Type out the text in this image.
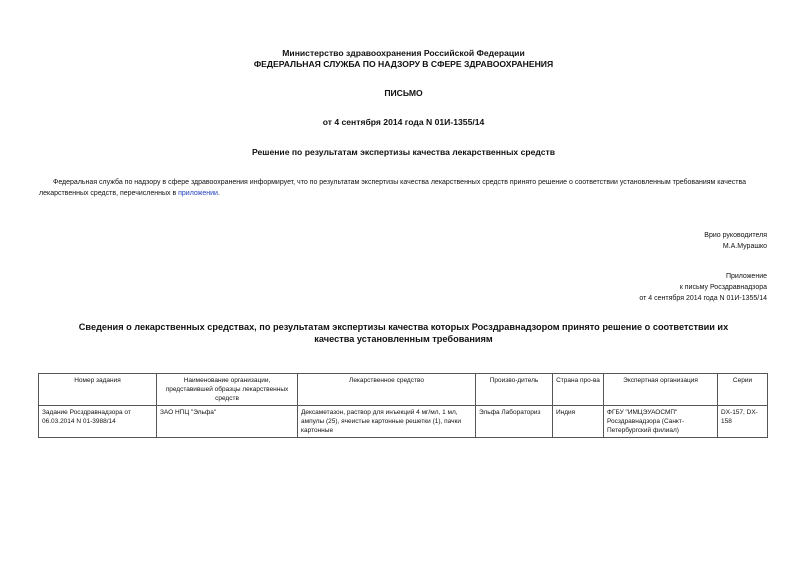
Министерство здравоохранения Российской Федерации
ФЕДЕРАЛЬНАЯ СЛУЖБА ПО НАДЗОРУ В СФЕРЕ ЗДРАВООХРАНЕНИЯ
ПИСЬМО
от 4 сентября 2014 года N 01И-1355/14
Решение по результатам экспертизы качества лекарственных средств
Федеральная служба по надзору в сфере здравоохранения информирует, что по результатам экспертизы качества лекарственных средств принято решение о соответствии установленным требованиям качества лекарственных средств, перечисленных в приложении.
Врио руководителя
М.А.Мурашко
Приложение
к письму Росздравнадзора
от 4 сентября 2014 года N 01И-1355/14
Сведения о лекарственных средствах, по результатам экспертизы качества которых Росздравнадзором принято решение о соответствии их качества установленным требованиям
Номер задания	Наименование организации, представившей образцы лекарственных средств	Лекарственное средство	Произво-дитель	Страна про-ва	Экспертная организация	Серии
Задание Росздравнадзора от 06.03.2014 N 01-3988/14	ЗАО НПЦ "Эльфа"	Дексаметазон, раствор для инъекций 4 мг/мл, 1 мл, ампулы (25), ячеистые картонные решетки (1), пачки картонные	Эльфа Лабораториз	Индия	ФГБУ "ИМЦЭУАОСМП" Росздравнадзора (Санкт-Петербургский филиал)	DX-157, DX-158
